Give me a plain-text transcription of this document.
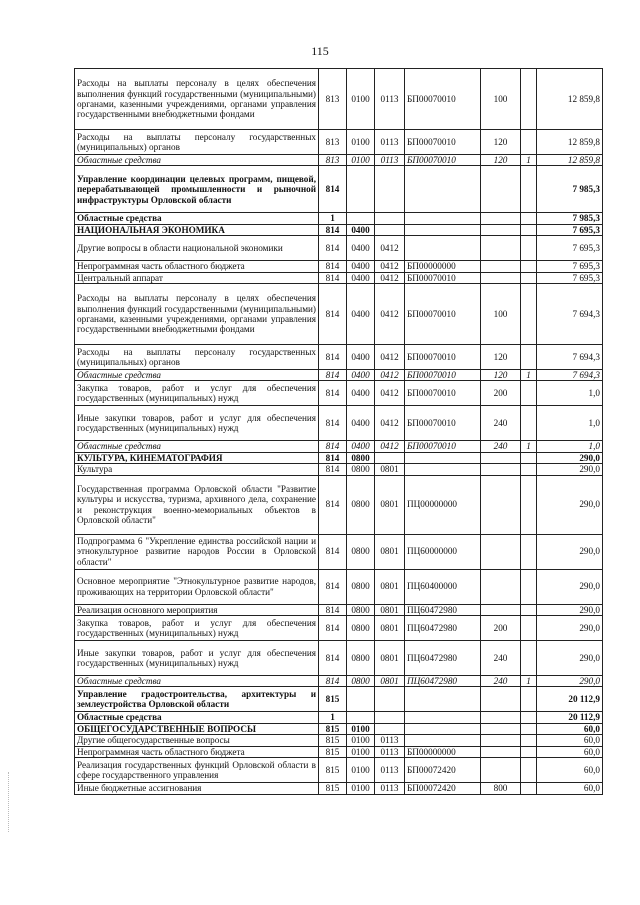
115
Расходы на выплаты персоналу в целях обеспечения выполнения функций государственными (муниципальными) органами, казенными учреждениями, органами управления государственными внебюджетными фондами	813	0100	0113	БП00070010	100		12 859,8
Расходы на выплаты персоналу государственных (муниципальных) органов	813	0100	0113	БП00070010	120		12 859,8
Областные средства	813	0100	0113	БП00070010	120	1	12 859,8
Управление координации целевых программ, пищевой, перерабатывающей промышленности и рыночной инфраструктуры Орловской области	814						7 985,3
Областные средства	1						7 985,3
НАЦИОНАЛЬНАЯ ЭКОНОМИКА	814	0400					7 695,3
Другие вопросы в области национальной экономики	814	0400	0412				7 695,3
Непрограммная часть областного бюджета	814	0400	0412	БП00000000			7 695,3
Центральный аппарат	814	0400	0412	БП00070010			7 695,3
Расходы на выплаты персоналу в целях обеспечения выполнения функций государственными (муниципальными) органами, казенными учреждениями, органами управления государственными внебюджетными фондами	814	0400	0412	БП00070010	100		7 694,3
Расходы на выплаты персоналу государственных (муниципальных) органов	814	0400	0412	БП00070010	120		7 694,3
Областные средства	814	0400	0412	БП00070010	120	1	7 694,3
Закупка товаров, работ и услуг для обеспечения государственных (муниципальных) нужд	814	0400	0412	БП00070010	200		1,0
Иные закупки товаров, работ и услуг для обеспечения государственных (муниципальных) нужд	814	0400	0412	БП00070010	240		1,0
Областные средства	814	0400	0412	БП00070010	240	1	1,0
КУЛЬТУРА, КИНЕМАТОГРАФИЯ	814	0800					290,0
Культура	814	0800	0801				290,0
Государственная программа Орловской области "Развитие культуры и искусства, туризма, архивного дела, сохранение и реконструкция военно-мемориальных объектов в Орловской области"	814	0800	0801	ПЦ00000000			290,0
Подпрограмма 6 "Укрепление единства российской нации и этнокультурное развитие народов России в Орловской области"	814	0800	0801	ПЦ60000000			290,0
Основное мероприятие "Этнокультурное развитие народов, проживающих на территории Орловской области"	814	0800	0801	ПЦ60400000			290,0
Реализация основного мероприятия	814	0800	0801	ПЦ60472980			290,0
Закупка товаров, работ и услуг для обеспечения государственных (муниципальных) нужд	814	0800	0801	ПЦ60472980	200		290,0
Иные закупки товаров, работ и услуг для обеспечения государственных (муниципальных) нужд	814	0800	0801	ПЦ60472980	240		290,0
Областные средства	814	0800	0801	ПЦ60472980	240	1	290,0
Управление градостроительства, архитектуры и землеустройства Орловской области	815						20 112,9
Областные средства	1						20 112,9
ОБЩЕГОСУДАРСТВЕННЫЕ ВОПРОСЫ	815	0100					60,0
Другие общегосударственные вопросы	815	0100	0113				60,0
Непрограммная часть областного бюджета	815	0100	0113	БП00000000			60,0
Реализация государственных функций Орловской области в сфере государственного управления	815	0100	0113	БП00072420			60,0
Иные бюджетные ассигнования	815	0100	0113	БП00072420	800		60,0
